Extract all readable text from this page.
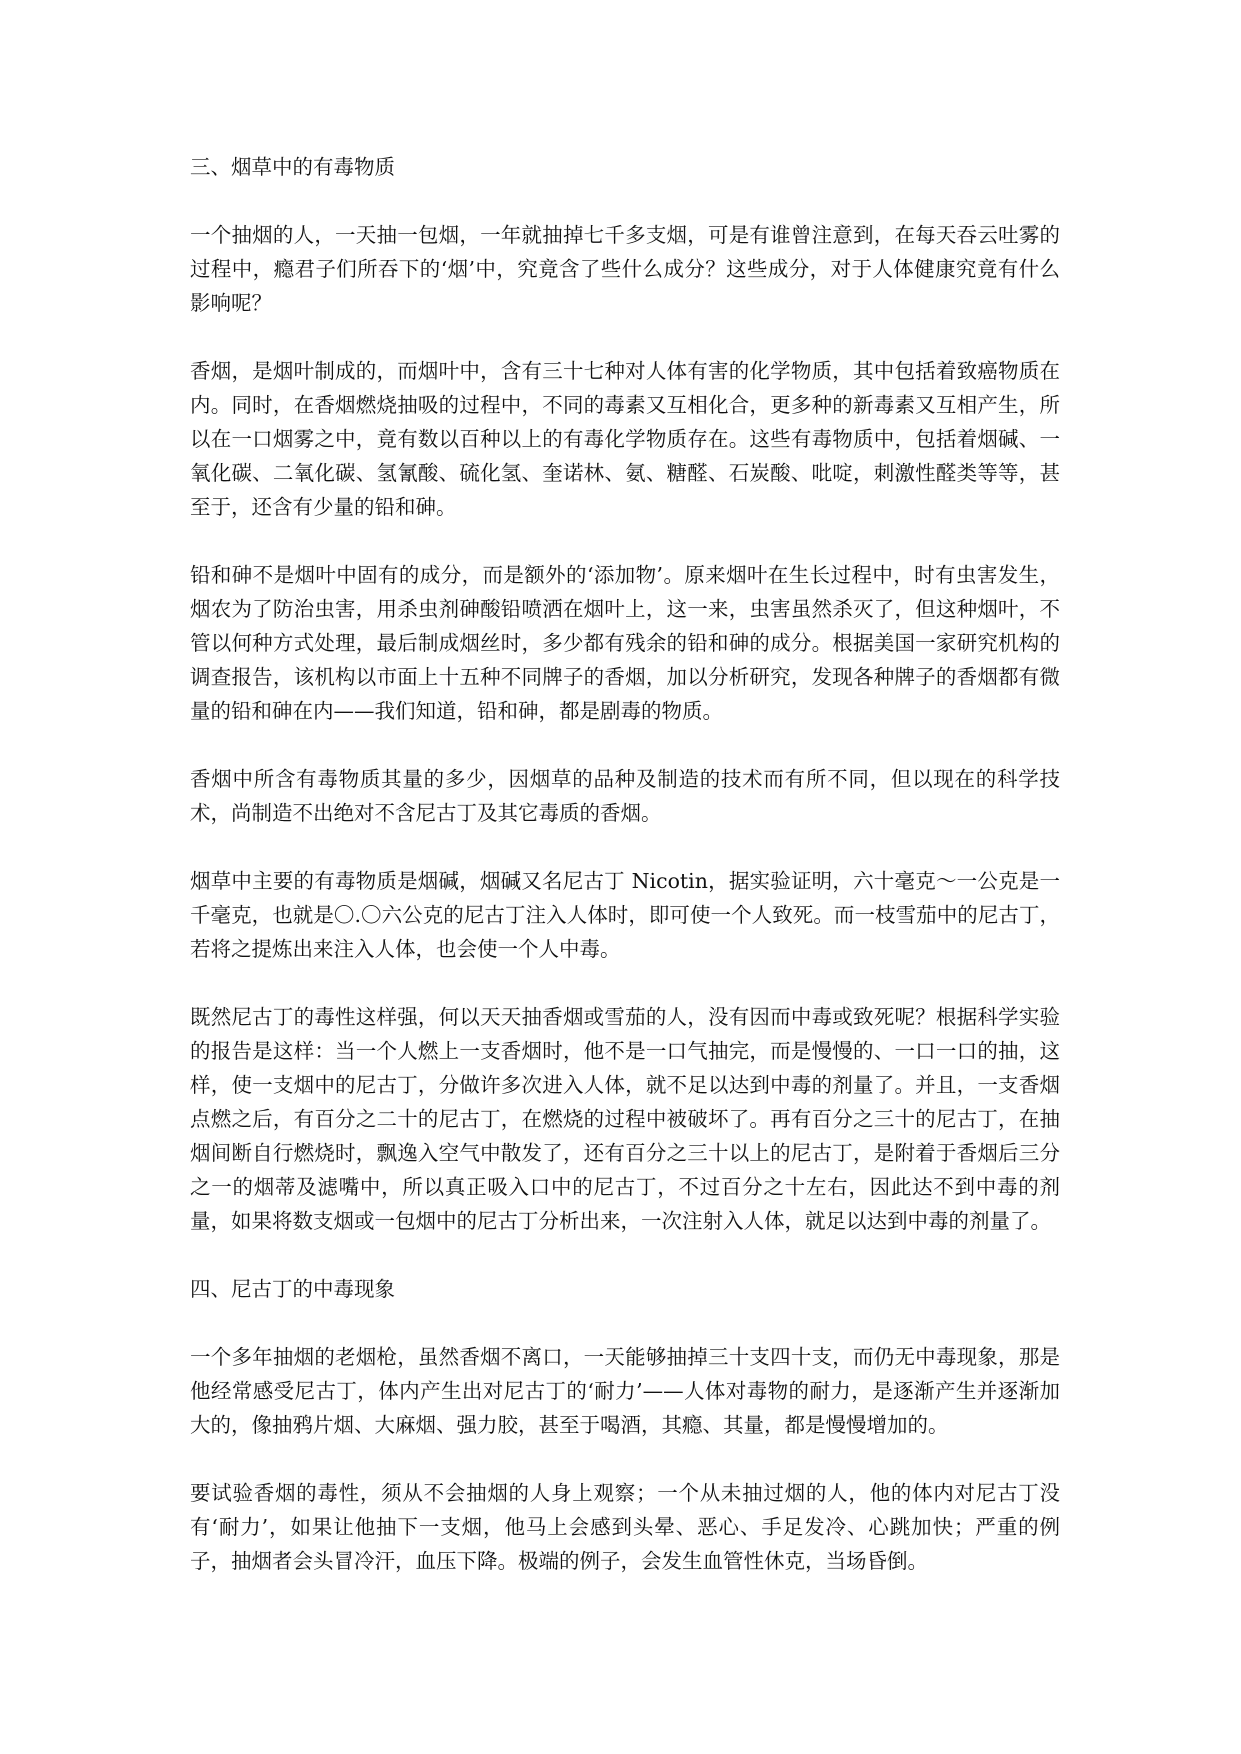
三、烟草中的有毒物质

一个抽烟的人，一天抽一包烟，一年就抽掉七千多支烟，可是有谁曾注意到，在每天吞云吐雾的过程中，瘾君子们所吞下的‘烟’中，究竟含了些什么成分？这些成分，对于人体健康究竟有什么影响呢？

香烟，是烟叶制成的，而烟叶中，含有三十七种对人体有害的化学物质，其中包括着致癌物质在内。同时，在香烟燃烧抽吸的过程中，不同的毒素又互相化合，更多种的新毒素又互相产生，所以在一口烟雾之中，竟有数以百种以上的有毒化学物质存在。这些有毒物质中，包括着烟碱、一氧化碳、二氧化碳、氢氰酸、硫化氢、奎诺林、氨、糖醛、石炭酸、吡啶，刺激性醛类等等，甚至于，还含有少量的铅和砷。

铅和砷不是烟叶中固有的成分，而是额外的‘添加物’。原来烟叶在生长过程中，时有虫害发生，烟农为了防治虫害，用杀虫剂砷酸铅喷洒在烟叶上，这一来，虫害虽然杀灭了，但这种烟叶，不管以何种方式处理，最后制成烟丝时，多少都有残余的铅和砷的成分。根据美国一家研究机构的调查报告，该机构以市面上十五种不同牌子的香烟，加以分析研究，发现各种牌子的香烟都有微量的铅和砷在内——我们知道，铅和砷，都是剧毒的物质。

香烟中所含有毒物质其量的多少，因烟草的品种及制造的技术而有所不同，但以现在的科学技术，尚制造不出绝对不含尼古丁及其它毒质的香烟。

烟草中主要的有毒物质是烟碱，烟碱又名尼古丁 Nicotin，据实验证明，六十毫克～一公克是一千毫克，也就是〇.〇六公克的尼古丁注入人体时，即可使一个人致死。而一枝雪茄中的尼古丁，若将之提炼出来注入人体，也会使一个人中毒。

既然尼古丁的毒性这样强，何以天天抽香烟或雪茄的人，没有因而中毒或致死呢？根据科学实验的报告是这样：当一个人燃上一支香烟时，他不是一口气抽完，而是慢慢的、一口一口的抽，这样，使一支烟中的尼古丁，分做许多次进入人体，就不足以达到中毒的剂量了。并且，一支香烟点燃之后，有百分之二十的尼古丁，在燃烧的过程中被破坏了。再有百分之三十的尼古丁，在抽烟间断自行燃烧时，飘逸入空气中散发了，还有百分之三十以上的尼古丁，是附着于香烟后三分之一的烟蒂及滤嘴中，所以真正吸入口中的尼古丁，不过百分之十左右，因此达不到中毒的剂量，如果将数支烟或一包烟中的尼古丁分析出来，一次注射入人体，就足以达到中毒的剂量了。

四、尼古丁的中毒现象

一个多年抽烟的老烟枪，虽然香烟不离口，一天能够抽掉三十支四十支，而仍无中毒现象，那是他经常感受尼古丁，体内产生出对尼古丁的‘耐力’——人体对毒物的耐力，是逐渐产生并逐渐加大的，像抽鸦片烟、大麻烟、强力胶，甚至于喝酒，其瘾、其量，都是慢慢增加的。

要试验香烟的毒性，须从不会抽烟的人身上观察；一个从未抽过烟的人，他的体内对尼古丁没有‘耐力’，如果让他抽下一支烟，他马上会感到头晕、恶心、手足发冷、心跳加快；严重的例子，抽烟者会头冒冷汗，血压下降。极端的例子，会发生血管性休克，当场昏倒。
